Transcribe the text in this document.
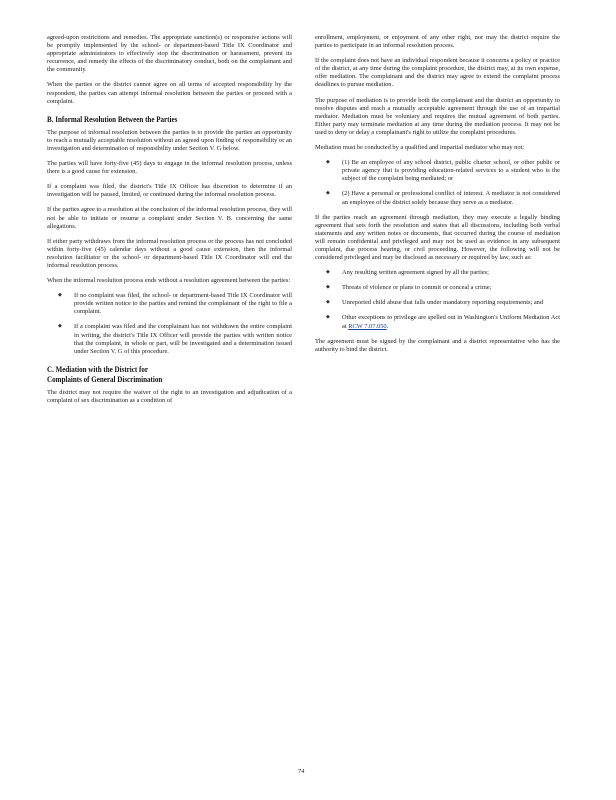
agreed-upon restrictions and remedies. The appropriate sanction(s) or responsive actions will be promptly implemented by the school- or department-based Title IX Coordinator and appropriate administrators to effectively stop the discrimination or harassment, prevent its recurrence, and remedy the effects of the discriminatory conduct, both on the complainant and the community.

When the parties or the district cannot agree on all terms of accepted responsibility by the respondent, the parties can attempt informal resolution between the parties or proceed with a complaint.

B. Informal Resolution Between the Parties

The purpose of informal resolution between the parties is to provide the parties an opportunity to reach a mutually acceptable resolution without an agreed upon finding of responsibility or an investigation and determination of responsibility under Section V. G below.

The parties will have forty-five (45) days to engage in the informal resolution process, unless there is a good cause for extension.

If a complaint was filed, the district's Title IX Officer has discretion to determine if an investigation will be paused, limited, or continued during the informal resolution process.

If the parties agree to a resolution at the conclusion of the informal resolution process, they will not be able to initiate or resume a complaint under Section V. B. concerning the same allegations.

If either party withdraws from the informal resolution process or the process has not concluded within forty-five (45) calendar days without a good cause extension, then the informal resolution facilitator or the school- or department-based Title IX Coordinator will end the informal resolution process.

When the informal resolution process ends without a resolution agreement between the parties:

◆ If no complaint was filed, the school- or department-based Title IX Coordinator will provide written notice to the parties and remind the complainant of the right to file a complaint.
◆ If a complaint was filed and the complainant has not withdrawn the entire complaint in writing, the district's Title IX Officer will provide the parties with written notice that the complaint, in whole or part, will be investigated and a determination issued under Section V. G of this procedure.
C. Mediation with the District for
Complaints of General Discrimination

The district may not require the waiver of the right to an investigation and adjudication of a complaint of sex discrimination as a condition of

enrollment, employment, or enjoyment of any other right, nor may the district require the parties to participate in an informal resolution process.

If the complaint does not have an individual respondent because it concerns a policy or practice of the district, at any time during the complaint procedure, the district may, at its own expense, offer mediation. The complainant and the district may agree to extend the complaint process deadlines to pursue mediation.

The purpose of mediation is to provide both the complainant and the district an opportunity to resolve disputes and reach a mutually acceptable agreement through the use of an impartial mediator. Mediation must be voluntary and requires the mutual agreement of both parties. Either party may terminate mediation at any time during the mediation process. It may not be used to deny or delay a complainant's right to utilize the complaint procedures.

Mediation must be conducted by a qualified and impartial mediator who may not:

◆ (1) Be an employee of any school district, public charter school, or other public or private agency that is providing education-related services to a student who is the subject of the complaint being mediated; or
◆ (2) Have a personal or professional conflict of interest. A mediator is not considered an employee of the district solely because they serve as a mediator.

If the parties reach an agreement through mediation, they may execute a legally binding agreement that sets forth the resolution and states that all discussions, including both verbal statements and any written notes or documents, that occurred during the course of mediation will remain confidential and privileged and may not be used as evidence in any subsequent complaint, due process hearing, or civil proceeding. However, the following will not be considered privileged and may be disclosed as necessary or required by law, such as:

◆ Any resulting written agreement signed by all the parties;
◆ Threats of violence or plans to commit or conceal a crime;
◆ Unreported child abuse that falls under mandatory reporting requirements; and
◆ Other exceptions to privilege are spelled out in Washington's Uniform Mediation Act at RCW 7.07.050.

The agreement must be signed by the complainant and a district representative who has the authority to bind the district.

74
